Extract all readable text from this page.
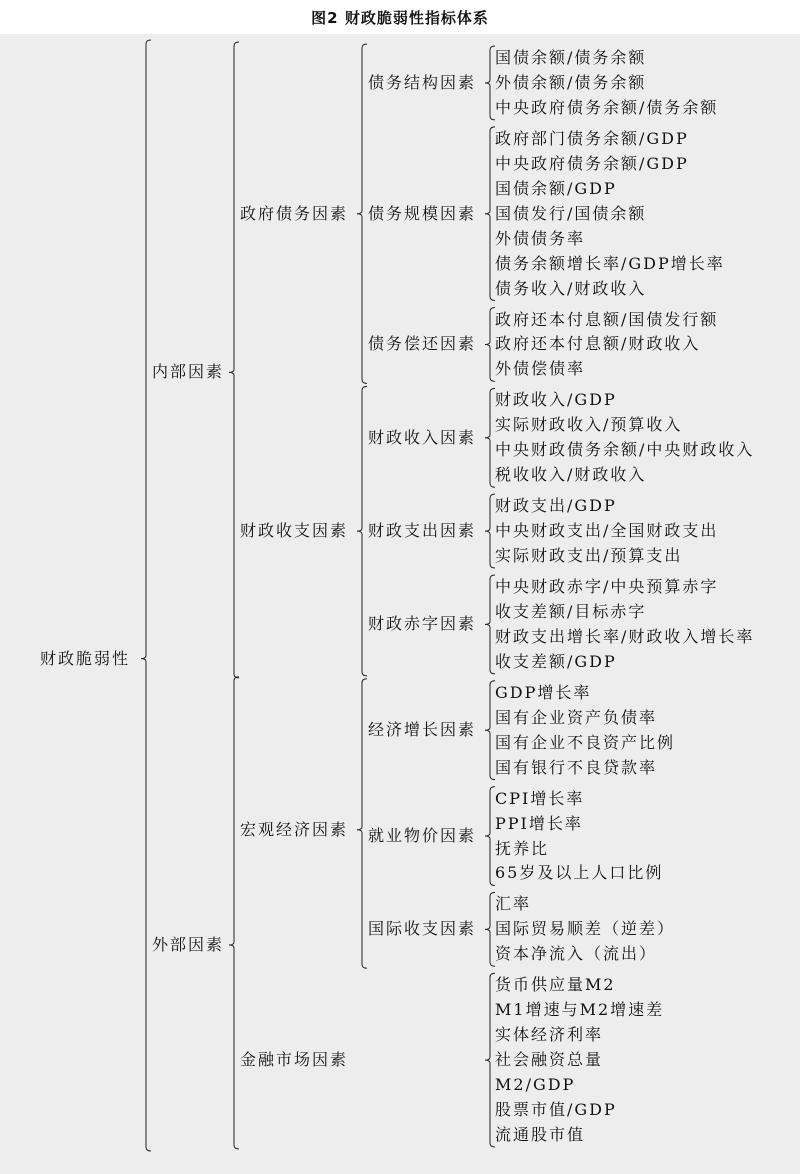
图2 财政脆弱性指标体系
国债余额/债务余额
外债余额/债务余额
中央政府债务余额/债务余额
债务结构因素
政府部门债务余额/GDP
中央政府债务余额/GDP
国债余额/GDP
国债发行/国债余额
外债债务率
债务余额增长率/GDP增长率
债务收入/财政收入
债务规模因素
政府还本付息额/国债发行额
政府还本付息额/财政收入
外债偿债率
债务偿还因素
政府债务因素
财政收入/GDP
实际财政收入/预算收入
中央财政债务余额/中央财政收入
税收收入/财政收入
财政收入因素
财政支出/GDP
中央财政支出/全国财政支出
实际财政支出/预算支出
财政支出因素
中央财政赤字/中央预算赤字
收支差额/目标赤字
财政支出增长率/财政收入增长率
收支差额/GDP
财政赤字因素
财政收支因素
内部因素
GDP增长率
国有企业资产负债率
国有企业不良资产比例
国有银行不良贷款率
经济增长因素
CPI增长率
PPI增长率
抚养比
65岁及以上人口比例
就业物价因素
汇率
国际贸易顺差（逆差）
资本净流入（流出）
国际收支因素
宏观经济因素
货币供应量M2
M1增速与M2增速差
实体经济利率
社会融资总量
M2/GDP
股票市值/GDP
流通股市值
金融市场因素
外部因素
财政脆弱性
